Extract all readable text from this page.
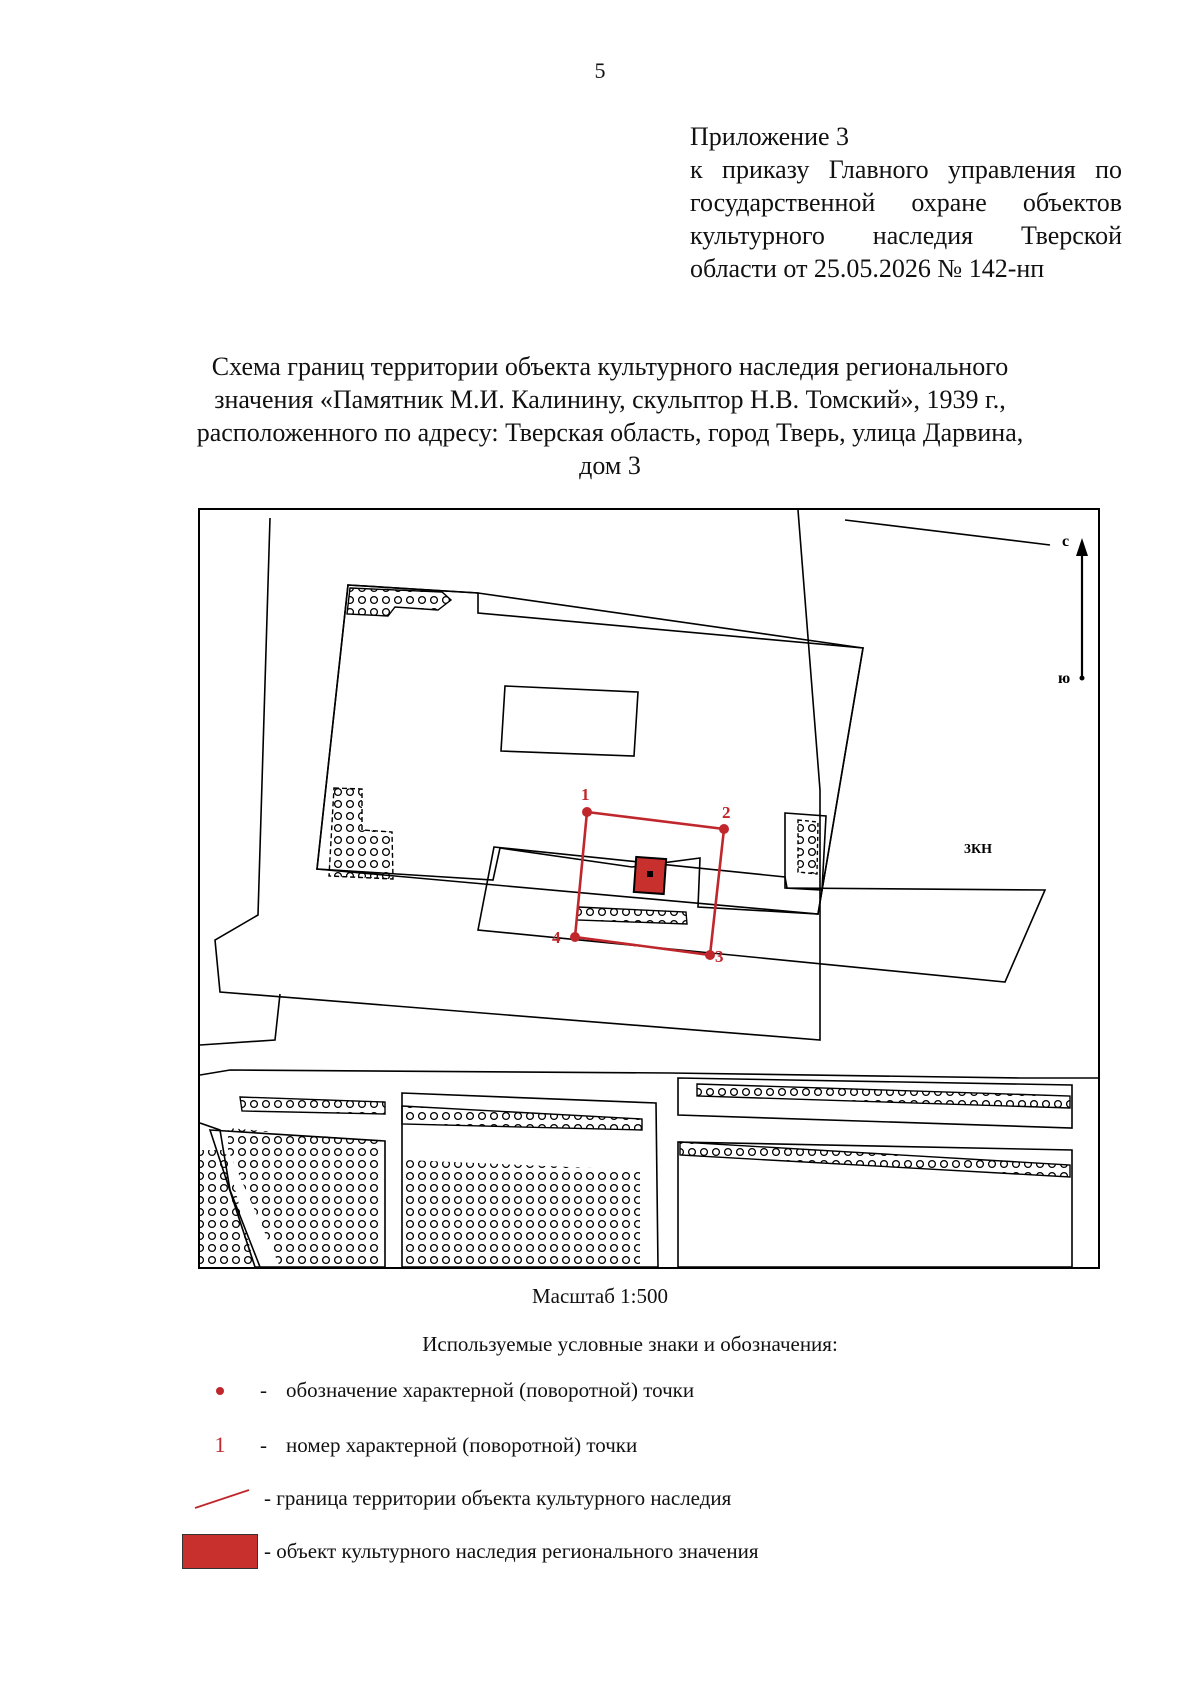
5
Приложение 3
к приказу Главного управления по
государственной охране объектов
культурного наследия Тверской
области от 25.05.2026 № 142-нп
Схема границ территории объекта культурного наследия регионального
значения «Памятник М.И. Калинину, скульптор Н.В. Томский», 1939 г.,
расположенного по адресу: Тверская область, город Тверь, улица Дарвина,
дом 3
1
2
3
4
с
ю
3КН
Масштаб 1:500
Используемые условные знаки и обозначения:
- обозначение характерной (поворотной) точки
1 - номер характерной (поворотной) точки
- граница территории объекта культурного наследия
- объект культурного наследия регионального значения
